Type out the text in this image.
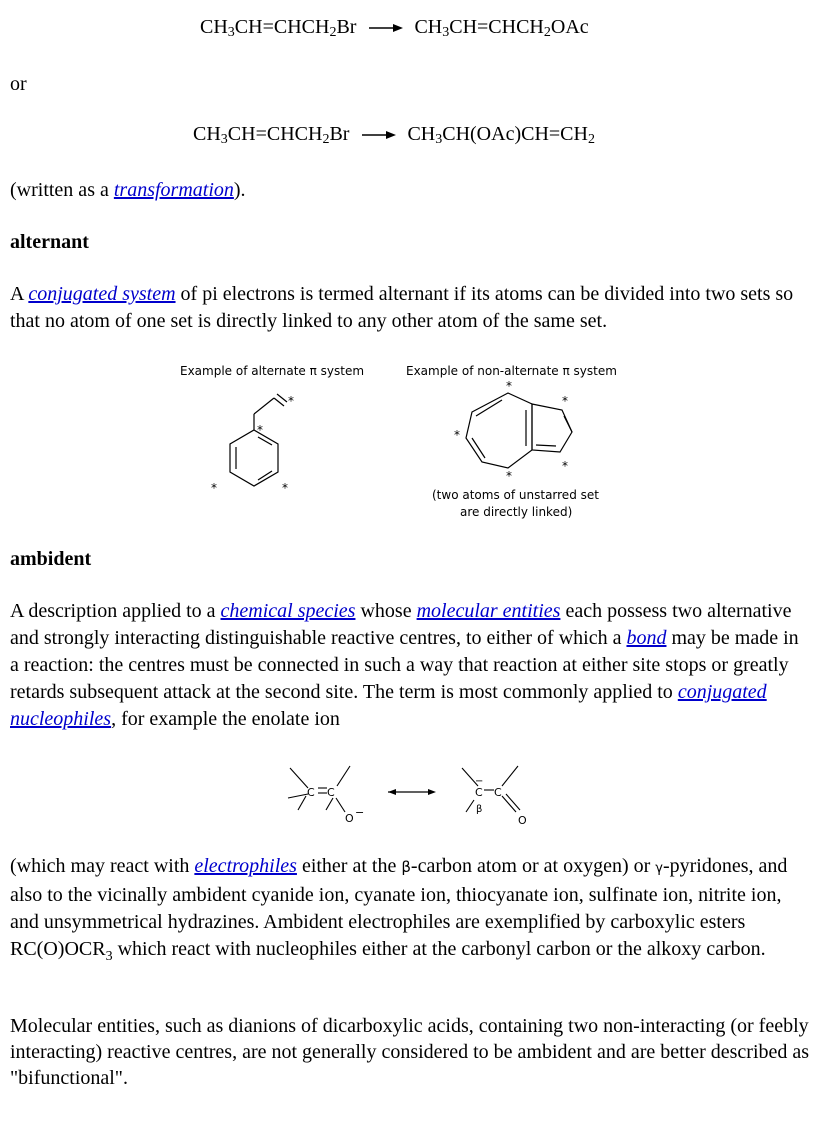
$CH_3CH=CHCH_2Br$ → $CH_3CH=CHCH_2OAc$
or
$CH_3CH=CHCH_2Br \to CH_3CH(OAc)CH=CH_2$
(written as a transformation).
alternant
A conjugated system of pi electrons is termed alternant if its atoms can be divided into two sets so that no atom of one set is directly linked to any other atom of the same set.
Example of alternate π system	Example of non-alternate π system
*
*
*	*
*
*
*
*
*
(two atoms of unstarred set
are directly linked)
ambident
A description applied to a chemical species whose molecular entities each possess two alternative and strongly interacting distinguishable reactive centres, to either of which a bond may be made in a reaction: the centres must be connected in such a way that reaction at either site stops or greatly retards subsequent attack at the second site. The term is most commonly applied to conjugated nucleophiles, for example the enolate ion
C C
O −
C
−
β
C
O
(which may react with electrophiles either at the β-carbon atom or at oxygen) or γ-pyridones, and also to the vicinally ambident cyanide ion, cyanate ion, thiocyanate ion, sulfinate ion, nitrite ion, and unsymmetrical hydrazines. Ambident electrophiles are exemplified by carboxylic esters $RC(O)OCR_3$ which react with nucleophiles either at the carbonyl carbon or the alkoxy carbon.
Molecular entities, such as dianions of dicarboxylic acids, containing two non-interacting (or feebly interacting) reactive centres, are not generally considered to be ambident and are better described as "bifunctional".
